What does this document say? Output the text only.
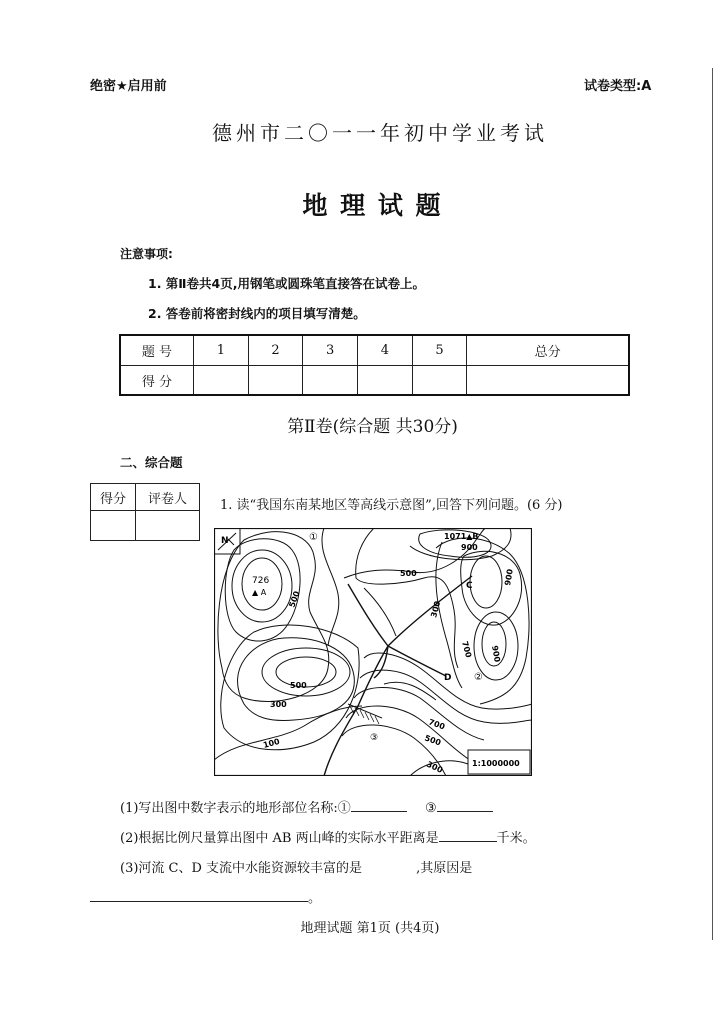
绝密★启用前	试卷类型:A
德州市二〇一一年初中学业考试
地 理 试 题
注意事项:
1. 第Ⅱ卷共4页,用钢笔或圆珠笔直接答在试卷上。
2. 答卷前将密封线内的项目填写清楚。
题 号	1	2	3	4	5	总分
得 分						
第Ⅱ卷(综合题 共30分)
二、综合题
得分	评卷人
		1. 读“我国东南某地区等高线示意图”,回答下列问题。(6 分)
N	①
726
▲ A
1071▲B
900
500
C	900
500
300
900
700
500
D ②
300
700
100	③	500
300	1:1000000
(1)写出图中数字表示的地形部位名称:①	③
(2)根据比例尺量算出图中 AB 两山峰的实际水平距离是	千米。
(3)河流 C、D 支流中水能资源较丰富的是	,其原因是
。
地理试题 第1页 (共4页)
